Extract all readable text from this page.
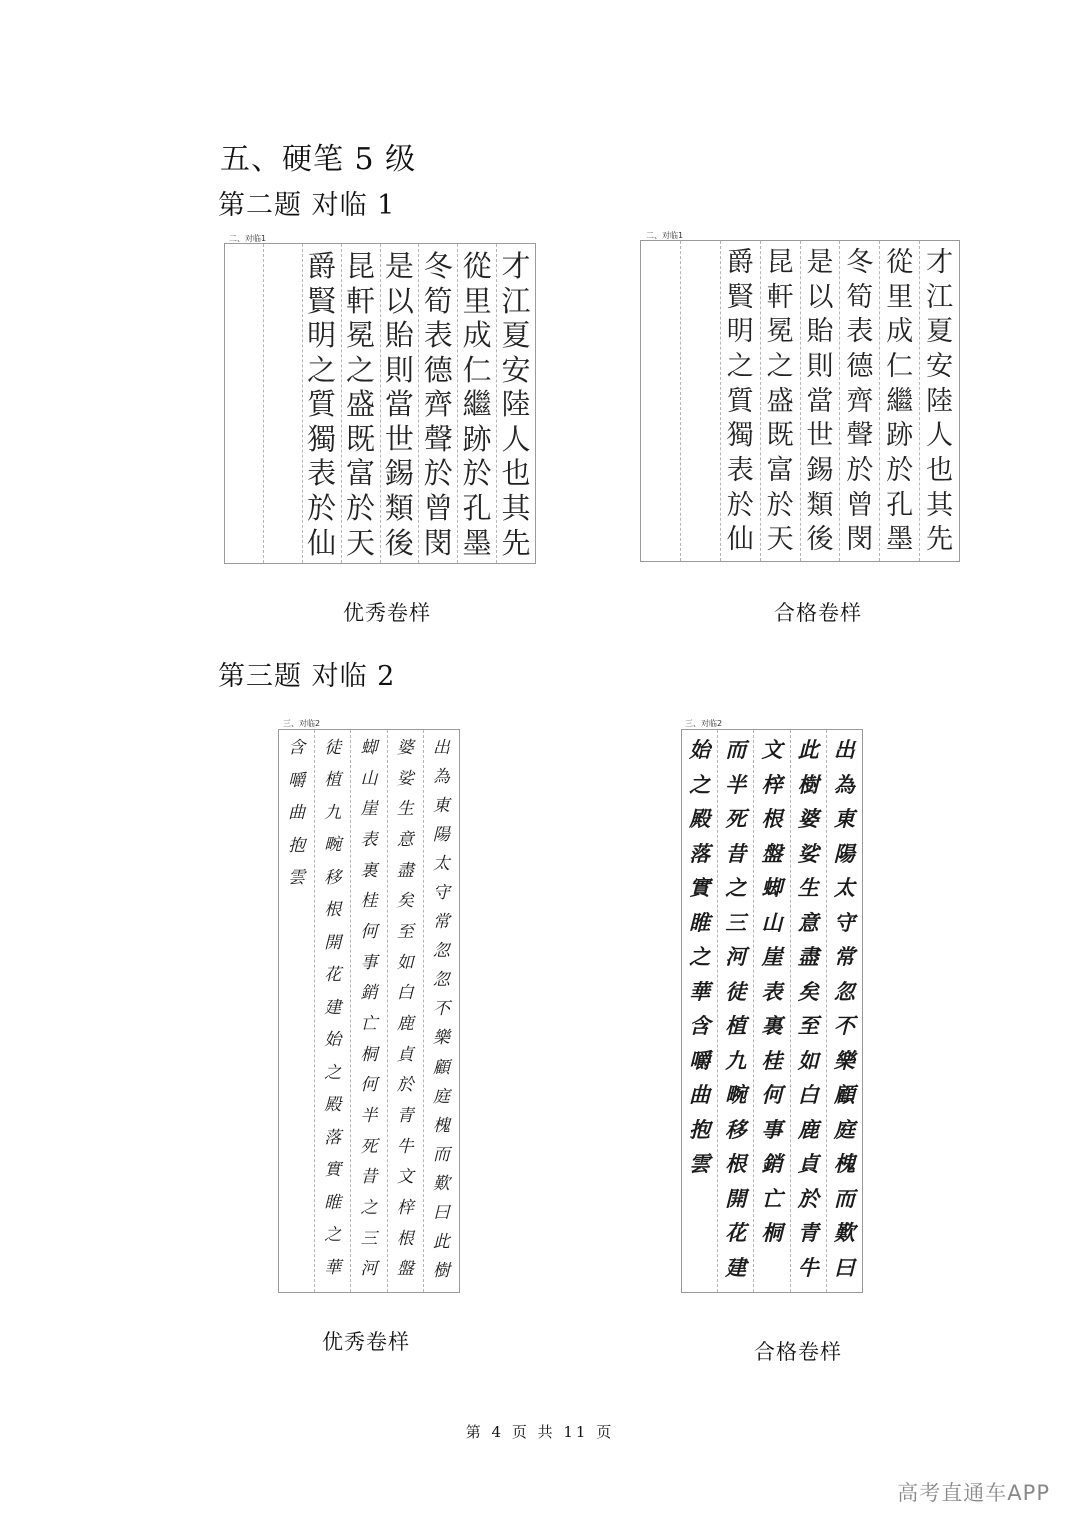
五、硬笔 5 级
第二题 对临 1
二、对临1
才
江
夏
安
陸
人
也
其
先
從
里
成
仁
繼
跡
於
孔
墨
冬
筍
表
德
齊
聲
於
曾
閔
是
以
貽
則
當
世
錫
類
後
昆
軒
冕
之
盛
既
富
於
天
爵
賢
明
之
質
獨
表
於
仙
优秀卷样
二、对临1
才
江
夏
安
陸
人
也
其
先
從
里
成
仁
繼
跡
於
孔
墨
冬
筍
表
德
齊
聲
於
曾
閔
是
以
貽
則
當
世
錫
類
後
昆
軒
冕
之
盛
既
富
於
天
爵
賢
明
之
質
獨
表
於
仙
合格卷样
第三题 对临 2
三、对临2
出
為
東
陽
太
守
常
忽
忽
不
樂
顧
庭
槐
而
歎
曰
此
樹
婆
娑
生
意
盡
矣
至
如
白
鹿
貞
於
青
牛
文
梓
根
盤
䖼
山
崖
表
裏
桂
何
事
銷
亡
桐
何
半
死
昔
之
三
河
徒
植
九
畹
移
根
開
花
建
始
之
殿
落
實
睢
之
華
含
嚼
曲
抱
雲
优秀卷样
三、对临2
出
為
東
陽
太
守
常
忽
不
樂
顧
庭
槐
而
歎
曰
此
樹
婆
娑
生
意
盡
矣
至
如
白
鹿
貞
於
青
牛
文
梓
根
盤
䖼
山
崖
表
裏
桂
何
事
銷
亡
桐
而
半
死
昔
之
三
河
徒
植
九
畹
移
根
開
花
建
始
之
殿
落
實
睢
之
華
含
嚼
曲
抱
雲
合格卷样
第 4 页 共 11 页
高考直通车APP
